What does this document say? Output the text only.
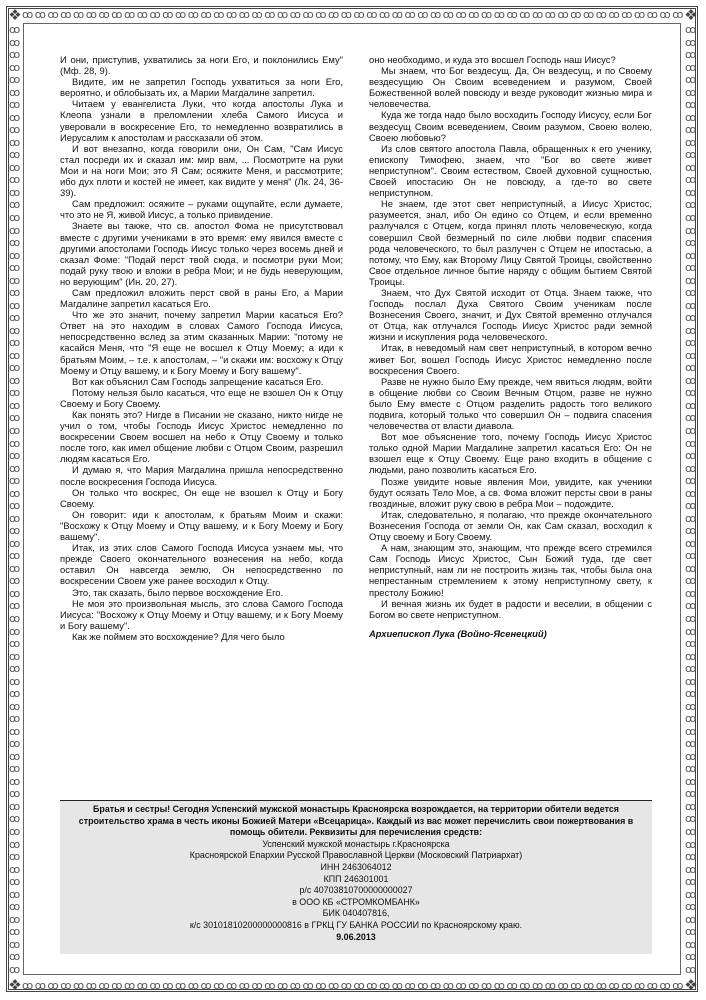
ꝏ ꝏ ꝏ ꝏ ꝏ ꝏ ꝏ ꝏ ꝏ ꝏ ꝏ ꝏ ꝏ ꝏ ꝏ ꝏ ꝏ ꝏ ꝏ ꝏ ꝏ ꝏ ꝏ ꝏ ꝏ ꝏ ꝏ ꝏ ꝏ ꝏ ꝏ ꝏ ꝏ ꝏ ꝏ ꝏ ꝏ ꝏ ꝏ ꝏ ꝏ ꝏ ꝏ ꝏ ꝏ ꝏ ꝏ ꝏ ꝏ ꝏ ꝏ ꝏ
ꝏ ꝏ ꝏ ꝏ ꝏ ꝏ ꝏ ꝏ ꝏ ꝏ ꝏ ꝏ ꝏ ꝏ ꝏ ꝏ ꝏ ꝏ ꝏ ꝏ ꝏ ꝏ ꝏ ꝏ ꝏ ꝏ ꝏ ꝏ ꝏ ꝏ ꝏ ꝏ ꝏ ꝏ ꝏ ꝏ ꝏ ꝏ ꝏ ꝏ ꝏ ꝏ ꝏ ꝏ ꝏ ꝏ ꝏ ꝏ ꝏ ꝏ ꝏ ꝏ
ꝏ
ꝏ
ꝏ
ꝏ
ꝏ
ꝏ
ꝏ
ꝏ
ꝏ
ꝏ
ꝏ
ꝏ
ꝏ
ꝏ
ꝏ
ꝏ
ꝏ
ꝏ
ꝏ
ꝏ
ꝏ
ꝏ
ꝏ
ꝏ
ꝏ
ꝏ
ꝏ
ꝏ
ꝏ
ꝏ
ꝏ
ꝏ
ꝏ
ꝏ
ꝏ
ꝏ
ꝏ
ꝏ
ꝏ
ꝏ
ꝏ
ꝏ
ꝏ
ꝏ
ꝏ
ꝏ
ꝏ
ꝏ
ꝏ
ꝏ
ꝏ
ꝏ
ꝏ
ꝏ
ꝏ
ꝏ
ꝏ
ꝏ
ꝏ
ꝏ
ꝏ
ꝏ
ꝏ
ꝏ
ꝏ
ꝏ
ꝏ
ꝏ
ꝏ
ꝏ
ꝏ
ꝏ
ꝏ
ꝏ
ꝏ
ꝏ
ꝏ
ꝏ
ꝏ
ꝏ
ꝏ
ꝏ
ꝏ
ꝏ
ꝏ
ꝏ
ꝏ
ꝏ
ꝏ
ꝏ
ꝏ
ꝏ
ꝏ
ꝏ
ꝏ
ꝏ
ꝏ
ꝏ
ꝏ
ꝏ
ꝏ
ꝏ
ꝏ
ꝏ
ꝏ
ꝏ
ꝏ
ꝏ
ꝏ
ꝏ
ꝏ
ꝏ
ꝏ
ꝏ
ꝏ
ꝏ
ꝏ
ꝏ
ꝏ
ꝏ
ꝏ
ꝏ
ꝏ
ꝏ
ꝏ
ꝏ
ꝏ
ꝏ
ꝏ
ꝏ
ꝏ
ꝏ
ꝏ
ꝏ
ꝏ
ꝏ
ꝏ
ꝏ
ꝏ
ꝏ
ꝏ
ꝏ
ꝏ
ꝏ
ꝏ
ꝏ
ꝏ
ꝏ
ꝏ
ꝏ
ꝏ
ꝏ
❖	❖
❖	❖

И они, приступив, ухватились за ноги Его, и поклонились Ему" (Мф. 28, 9).

Видите, им не запретил Господь ухватиться за ноги Его, вероятно, и облобызать их, а Марии Магдалине запретил.

Читаем у евангелиста Луки, что когда апостолы Лука и Клеопа узнали в преломлении хлеба Самого Иисуса и уверовали в воскресение Его, то немедленно возвратились в Иерусалим к апостолам и рассказали об этом.

И вот внезапно, когда говорили они, Он Сам, "Сам Иисус стал посреди их и сказал им: мир вам, ... Посмотрите на руки Мои и на ноги Мои; это Я Сам; осяжите Меня, и рассмотрите; ибо дух плоти и костей не имеет, как видите у меня" (Лк. 24, 36-39).

Сам предложил: осяжите – руками ощупайте, если думаете, что это не Я, живой Иисус, а только привидение.

Знаете вы также, что св. апостол Фома не присутствовал вместе с другими учениками в это время: ему явился вместе с другими апостолами Господь Иисус только через восемь дней и сказал Фоме: "Подай перст твой сюда, и посмотри руки Мои; подай руку твою и вложи в ребра Мои; и не будь неверующим, но верующим" (Ин. 20, 27).

Сам предложил вложить перст свой в раны Его, а Марии Магдалине запретил касаться Его.

Что же это значит, почему запретил Марии касаться Его? Ответ на это находим в словах Самого Господа Иисуса, непосредственно вслед за этим сказанных Марии: "потому не касайся Меня, что "Я еще не восшел к Отцу Моему; а иди к братьям Моим, – т.е. к апостолам, – "и скажи им: восхожу к Отцу Моему и Отцу вашему, и к Богу Моему и Богу вашему".

Вот как объяснил Сам Господь запрещение касаться Его.

Потому нельзя было касаться, что еще не взошел Он к Отцу Своему и Богу Своему.

Как понять это? Нигде в Писании не сказано, никто нигде не учил о том, чтобы Господь Иисус Христос немедленно по воскресении Своем восшел на небо к Отцу Своему и только после того, как имел общение любви с Отцом Своим, разрешил людям касаться Его.

И думаю я, что Мария Магдалина пришла непосредственно после воскресения Господа Иисуса.

Он только что воскрес, Он еще не взошел к Отцу и Богу Своему.

Он говорит: иди к апостолам, к братьям Моим и скажи: "Восхожу к Отцу Моему и Отцу вашему, и к Богу Моему и Богу вашему".

Итак, из этих слов Самого Господа Иисуса узнаем мы, что прежде Своего окончательного вознесения на небо, когда оставил Он навсегда землю, Он непосредственно по воскресении Своем уже ранее восходил к Отцу.

Это, так сказать, было первое восхождение Его.

Не моя это произвольная мысль, это слова Самого Господа Иисуса: "Восхожу к Отцу Моему и Отцу вашему, и к Богу Моему и Богу вашему".

Как же поймем это восхождение? Для чего было

оно необходимо, и куда это восшел Господь наш Иисус?

Мы знаем, что Бог вездесущ. Да, Он вездесущ, и по Своему вездесущию Он Своим всеведением и разумом, Своей Божественной волей повсюду и везде руководит жизнью мира и человечества.

Куда же тогда надо было восходить Господу Иисусу, если Бог вездесущ Своим всеведением, Своим разумом, Своею волею, Своею любовью?

Из слов святого апостола Павла, обращенных к его ученику, епископу Тимофею, знаем, что "Бог во свете живет неприступном". Своим естеством, Своей духовной сущностью, Своей ипостасию Он не повсюду, а где-то во свете неприступном.

Не знаем, где этот свет неприступный, а Иисус Христос, разумеется, знал, ибо Он едино со Отцем, и если временно разлучался с Отцем, когда принял плоть человеческую, когда совершил Свой безмерный по силе любви подвиг спасения рода человеческого, то был разлучен с Отцем не ипостасью, а потому, что Ему, как Второму Лицу Святой Троицы, свойственно Свое отдельное личное бытие наряду с общим бытием Святой Троицы.

Знаем, что Дух Святой исходит от Отца. Знаем также, что Господь послал Духа Святого Своим ученикам после Вознесения Своего, значит, и Дух Святой временно отлучался от Отца, как отлучался Господь Иисус Христос ради земной жизни и искупления рода человеческого.

Итак, в неведомый нам свет неприступный, в котором вечно живет Бог, вошел Господь Иисус Христос немедленно после воскресения Своего.

Разве не нужно было Ему прежде, чем явиться людям, войти в общение любви со Своим Вечным Отцом, разве не нужно было Ему вместе с Отцом разделить радость того великого подвига, который только что совершил Он – подвига спасения человечества от власти диавола.

Вот мое объяснение того, почему Господь Иисус Христос только одной Марии Магдалине запретил касаться Его: Он не взошел еще к Отцу Своему. Еще рано входить в общение с людьми, рано позволить касаться Его.

Позже увидите новые явления Мои, увидите, как ученики будут осязать Тело Мое, а св. Фома вложит персты свои в раны гвоздиные, вложит руку свою в ребра Мои – подождите.

Итак, следовательно, я полагаю, что прежде окончательного Вознесения Господа от земли Он, как Сам сказал, восходил к Отцу своему и Богу Своему.

А нам, знающим это, знающим, что прежде всего стремился Сам Господь Иисус Христос, Сын Божий туда, где свет неприступный, нам ли не построить жизнь так, чтобы была она непрестанным стремлением к этому неприступному свету, к престолу Божию!

И вечная жизнь их будет в радости и веселии, в общении с Богом во свете неприступном.

Архиепископ Лука (Войно-Ясенецкий)

Братья и сестры! Сегодня Успенский мужской монастырь Красноярска возрождается, на территории обители ведется строительство храма в честь иконы Божией Матери «Всецарица». Каждый из вас может перечислить свои пожертвования в помощь обители. Реквизиты для перечисления средств:
Успенский мужской монастырь г.Красноярска
Красноярской Епархии Русской Православной Церкви (Московский Патриархат)
ИНН 2463064012
КПП 246301001
р/с 40703810700000000027
в ООО КБ «СТРОМКОМБАНК»
БИК 040407816,
к/с 30101810200000000816 в ГРКЦ ГУ БАНКА РОССИИ по Красноярскому краю.
9.06.2013
